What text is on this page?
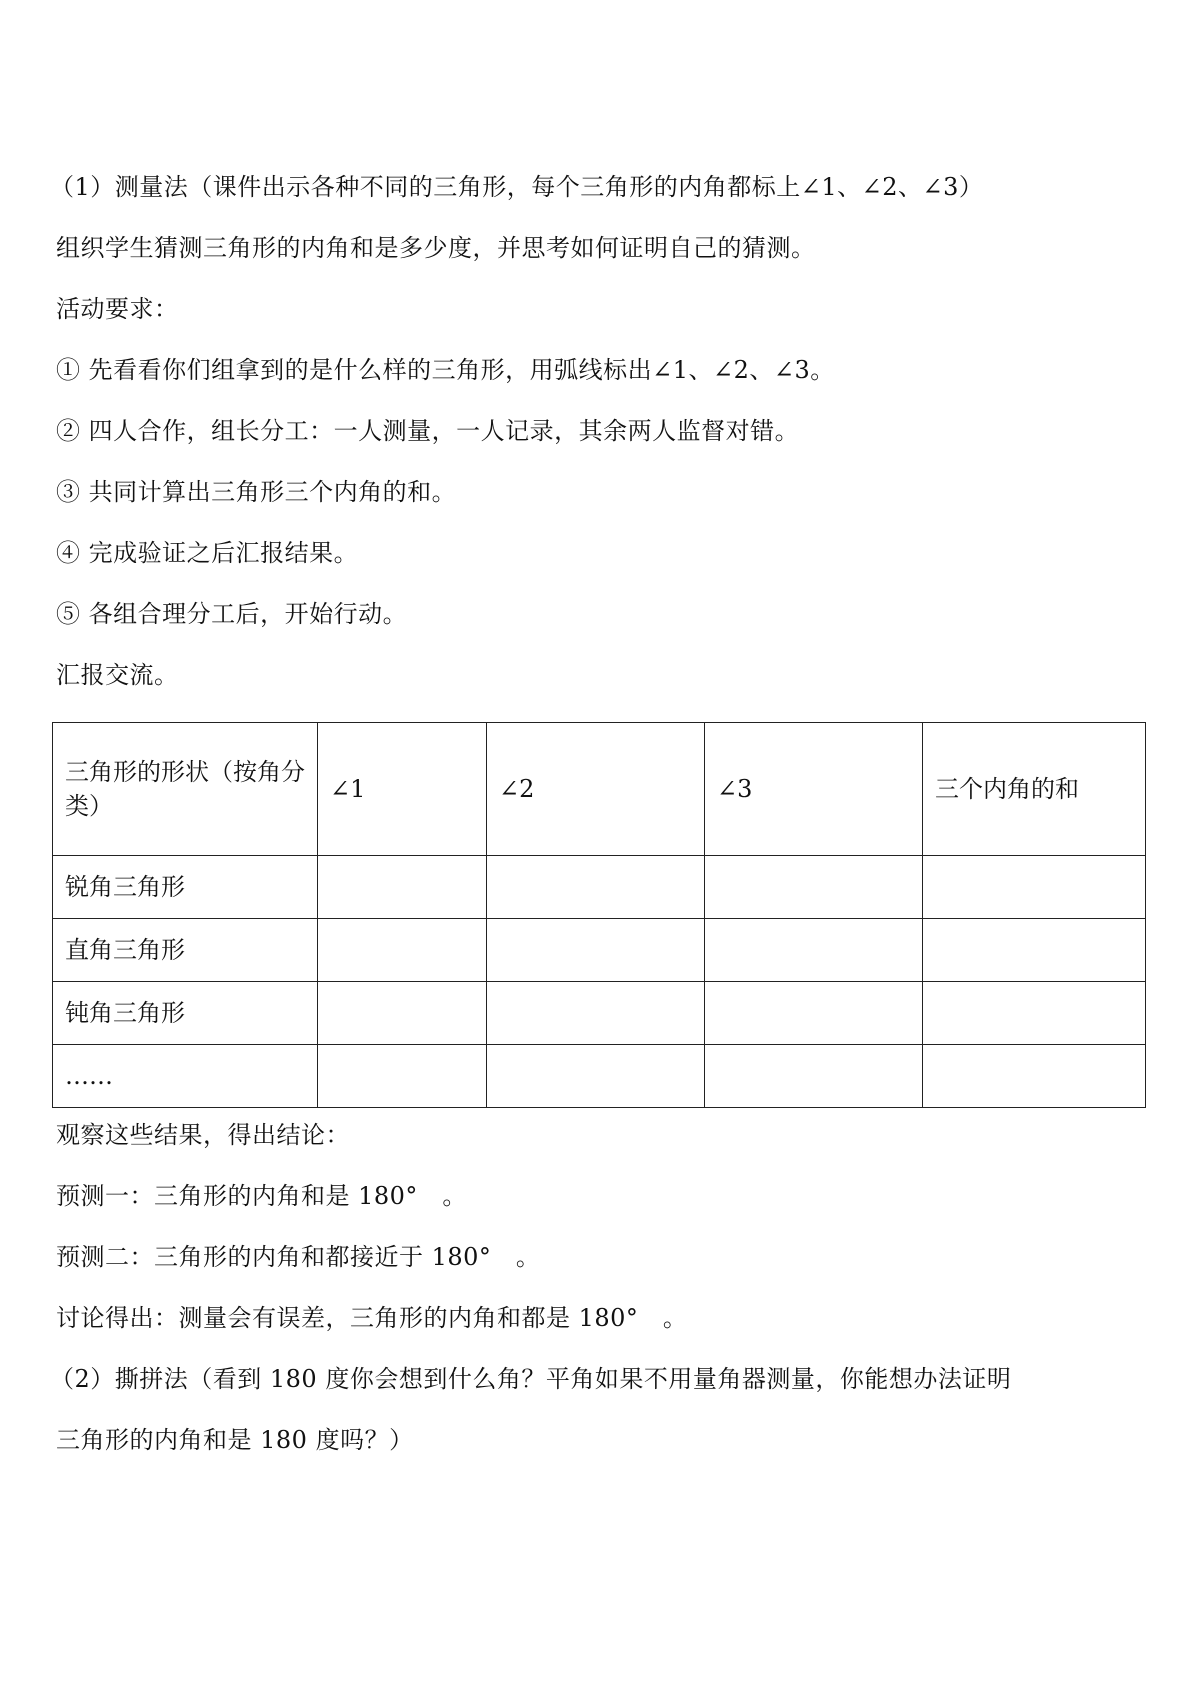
（1）测量法（课件出示各种不同的三角形，每个三角形的内角都标上∠1、∠2、∠3）
组织学生猜测三角形的内角和是多少度，并思考如何证明自己的猜测。
活动要求：
① 先看看你们组拿到的是什么样的三角形，用弧线标出∠1、∠2、∠3。
② 四人合作，组长分工：一人测量，一人记录，其余两人监督对错。
③ 共同计算出三角形三个内角的和。
④ 完成验证之后汇报结果。
⑤ 各组合理分工后，开始行动。
汇报交流。
三角形的形状（按角分类）	∠1	∠2	∠3	三个内角的和
锐角三角形				
直角三角形				
钝角三角形				
……				
观察这些结果，得出结论：
预测一：三角形的内角和是 180°　。
预测二：三角形的内角和都接近于 180°　。
讨论得出：测量会有误差，三角形的内角和都是 180°　。
（2）撕拼法（看到 180 度你会想到什么角？平角如果不用量角器测量，你能想办法证明
三角形的内角和是 180 度吗？）
